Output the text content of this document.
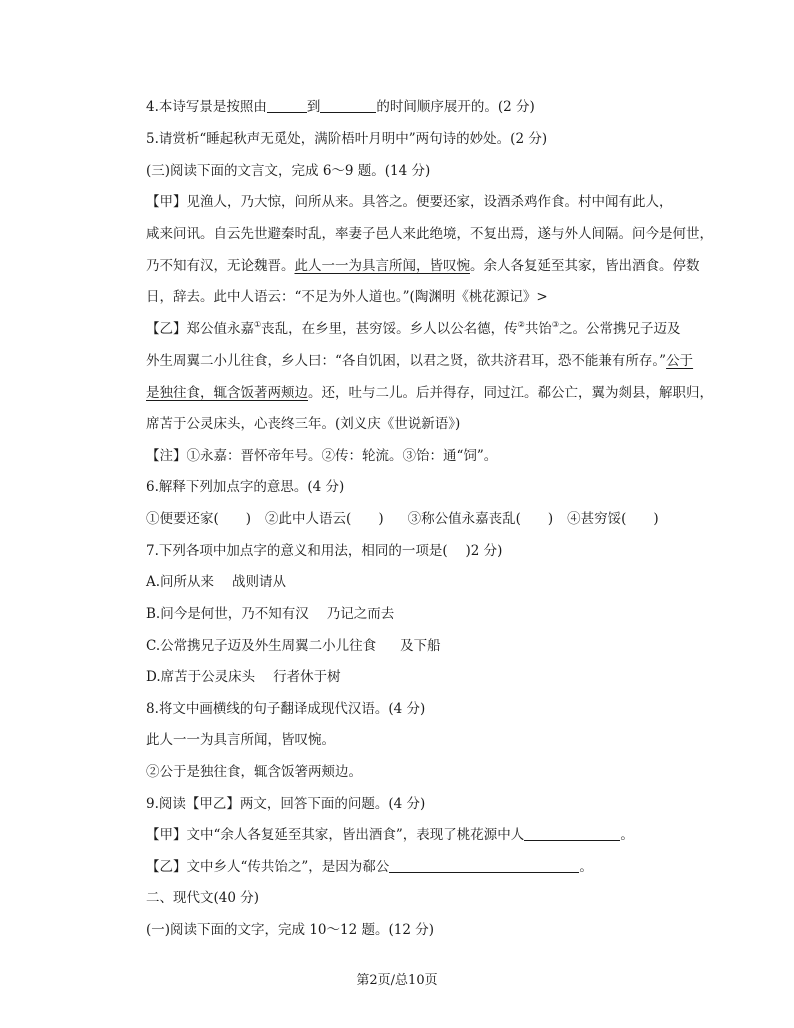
4.本诗写景是按照由	到	的时间顺序展开的。(2 分)
5.请赏析“睡起秋声无觅处，满阶梧叶月明中”两句诗的妙处。(2 分)
(三)阅读下面的文言文，完成 6～9 题。(14 分)
【甲】见渔人，乃大惊，问所从来。具答之。便要还家，设酒杀鸡作食。村中闻有此人，
咸来问讯。自云先世避秦时乱，率妻子邑人来此绝境，不复出焉，遂与外人间隔。问今是何世，
乃不知有汉，无论魏晋。此人一一为具言所闻，皆叹惋。余人各复延至其家，皆出酒食。停数
日，辞去。此中人语云：“不足为外人道也。”(陶渊明《桃花源记》>
【乙】郑公值永嘉①丧乱，在乡里，甚穷馁。乡人以公名德，传②共饴③之。公常携兄子迈及
外生周翼二小儿往食，乡人曰：“各自饥困，以君之贤，欲共济君耳，恐不能兼有所存。”公于
是独往食，辄含饭著两颊边。还，吐与二儿。后并得存，同过江。郗公亡，翼为剡县，解职归，
席苫于公灵床头，心丧终三年。(刘义庆《世说新语》)
【注】①永嘉：晋怀帝年号。②传：轮流。③饴：通“饲”。
6.解释下列加点字的意思。(4 分)
①便要还家(　　) ②此中人语云(　　) ③称公值永嘉丧乱(　　) ④甚穷馁(　　)
7.下列各项中加点字的意义和用法，相同的一项是(　 )2 分)
A.问所从来 战则请从
B.问今是何世，乃不知有汉 乃记之而去
C.公常携兄子迈及外生周翼二小儿往食 及下船
D.席苫于公灵床头 行者休于树
8.将文中画横线的句子翻译成现代汉语。(4 分)
此人一一为具言所闻，皆叹惋。
②公于是独往食，辄含饭箸两颊边。
9.阅读【甲乙】两文，回答下面的问题。(4 分)
【甲】文中“余人各复延至其家，皆出酒食”，表现了桃花源中人	。
【乙】文中乡人“传共饴之”，是因为郗公	。
二、现代文(40 分)
(一)阅读下面的文字，完成 10～12 题。(12 分)
第2页/总10页
